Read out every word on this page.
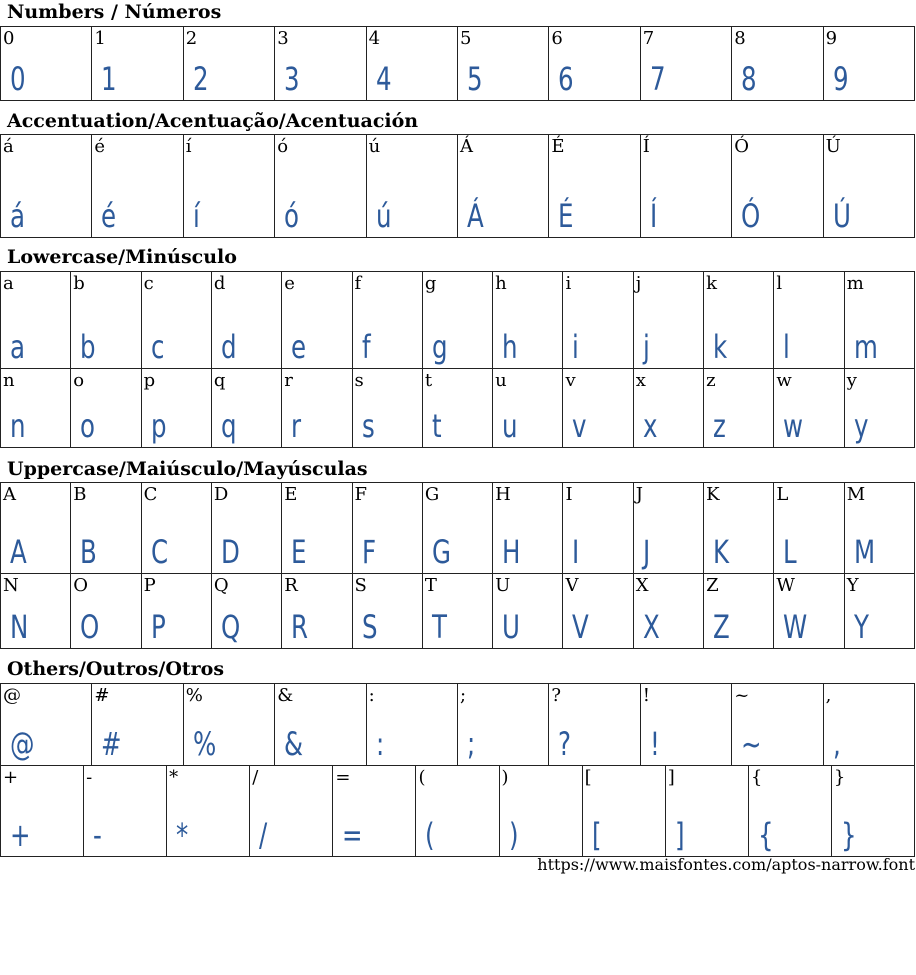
Numbers / Números
0
0
1
1
2
2
3
3
4
4
5
5
6
6
7
7
8
8
9
9
Accentuation/Acentuação/Acentuación
á
á
é
é
í
í
ó
ó
ú
ú
Á
Á
É
É
Í
Í
Ó
Ó
Ú
Ú
Lowercase/Minúsculo
a
a
b
b
c
c
d
d
e
e
f
f
g
g
h
h
i
i
j
j
k
k
l
l
m
m
n
n
o
o
p
p
q
q
r
r
s
s
t
t
u
u
v
v
x
x
z
z
w
w
y
y
Uppercase/Maiúsculo/Mayúsculas
A
A
B
B
C
C
D
D
E
E
F
F
G
G
H
H
I
I
J
J
K
K
L
L
M
M
N
N
O
O
P
P
Q
Q
R
R
S
S
T
T
U
U
V
V
X
X
Z
Z
W
W
Y
Y
Others/Outros/Otros
@
@
#
#
%
%
&
&
:
:
;
;
?
?
!
!
~
~
,
,
+
+
-
-
*
*
/
/
=
=
(
(
)
)
[
[
]
]
{
{
}
}
https://www.maisfontes.com/aptos-narrow.font
